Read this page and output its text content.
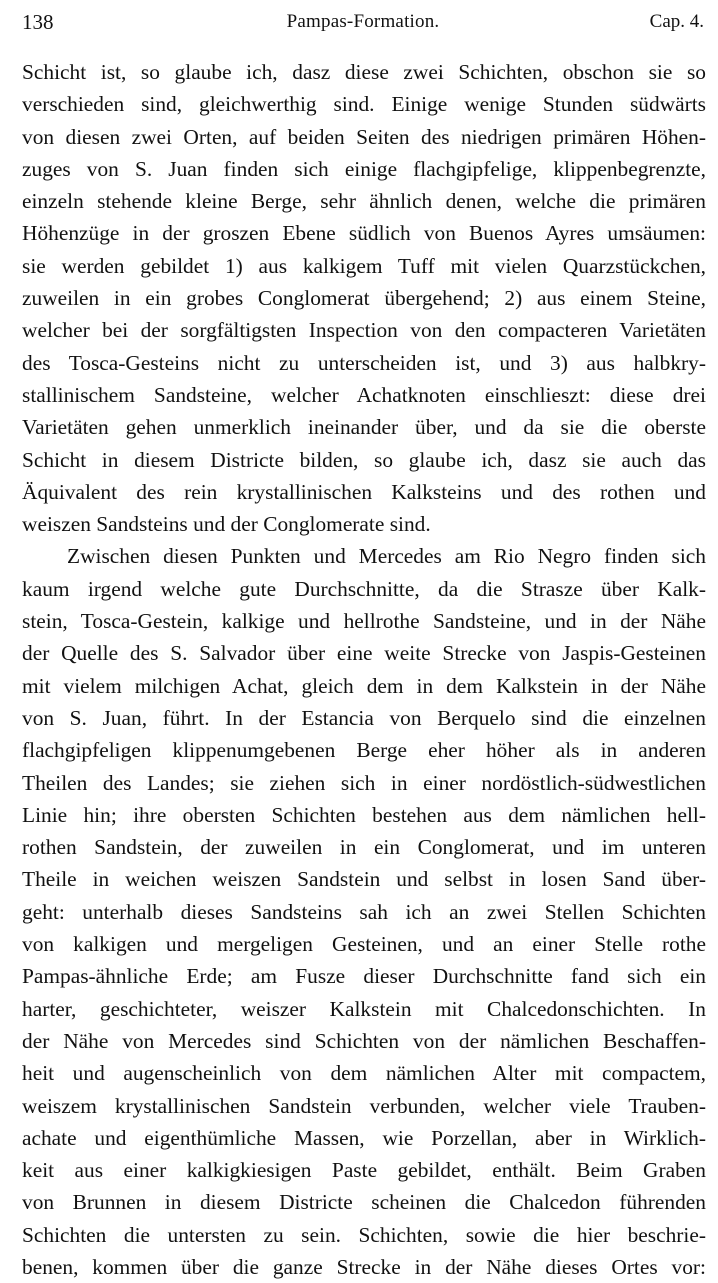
138	Pampas-Formation.	Cap. 4.
Schicht ist, so glaube ich, dasz diese zwei Schichten, obschon sie so
verschieden sind, gleichwerthig sind. Einige wenige Stunden südwärts
von diesen zwei Orten, auf beiden Seiten des niedrigen primären Höhen-
zuges von S. Juan finden sich einige flachgipfelige, klippenbegrenzte,
einzeln stehende kleine Berge, sehr ähnlich denen, welche die primären
Höhenzüge in der groszen Ebene südlich von Buenos Ayres umsäumen:
sie werden gebildet 1) aus kalkigem Tuff mit vielen Quarzstückchen,
zuweilen in ein grobes Conglomerat übergehend; 2) aus einem Steine,
welcher bei der sorgfältigsten Inspection von den compacteren Varietäten
des Tosca-Gesteins nicht zu unterscheiden ist, und 3) aus halbkry-
stallinischem Sandsteine, welcher Achatknoten einschlieszt: diese drei
Varietäten gehen unmerklich ineinander über, und da sie die oberste
Schicht in diesem Districte bilden, so glaube ich, dasz sie auch das
Äquivalent des rein krystallinischen Kalksteins und des rothen und
weiszen Sandsteins und der Conglomerate sind.
Zwischen diesen Punkten und Mercedes am Rio Negro finden sich
kaum irgend welche gute Durchschnitte, da die Strasze über Kalk-
stein, Tosca-Gestein, kalkige und hellrothe Sandsteine, und in der Nähe
der Quelle des S. Salvador über eine weite Strecke von Jaspis-Gesteinen
mit vielem milchigen Achat, gleich dem in dem Kalkstein in der Nähe
von S. Juan, führt. In der Estancia von Berquelo sind die einzelnen
flachgipfeligen klippenumgebenen Berge eher höher als in anderen
Theilen des Landes; sie ziehen sich in einer nordöstlich-südwestlichen
Linie hin; ihre obersten Schichten bestehen aus dem nämlichen hell-
rothen Sandstein, der zuweilen in ein Conglomerat, und im unteren
Theile in weichen weiszen Sandstein und selbst in losen Sand über-
geht: unterhalb dieses Sandsteins sah ich an zwei Stellen Schichten
von kalkigen und mergeligen Gesteinen, und an einer Stelle rothe
Pampas-ähnliche Erde; am Fusze dieser Durchschnitte fand sich ein
harter, geschichteter, weiszer Kalkstein mit Chalcedonschichten. In
der Nähe von Mercedes sind Schichten von der nämlichen Beschaffen-
heit und augenscheinlich von dem nämlichen Alter mit compactem,
weiszem krystallinischen Sandstein verbunden, welcher viele Trauben-
achate und eigenthümliche Massen, wie Porzellan, aber in Wirklich-
keit aus einer kalkigkiesigen Paste gebildet, enthält. Beim Graben
von Brunnen in diesem Districte scheinen die Chalcedon führenden
Schichten die untersten zu sein. Schichten, sowie die hier beschrie-
benen, kommen über die ganze Strecke in der Nähe dieses Ortes vor:
